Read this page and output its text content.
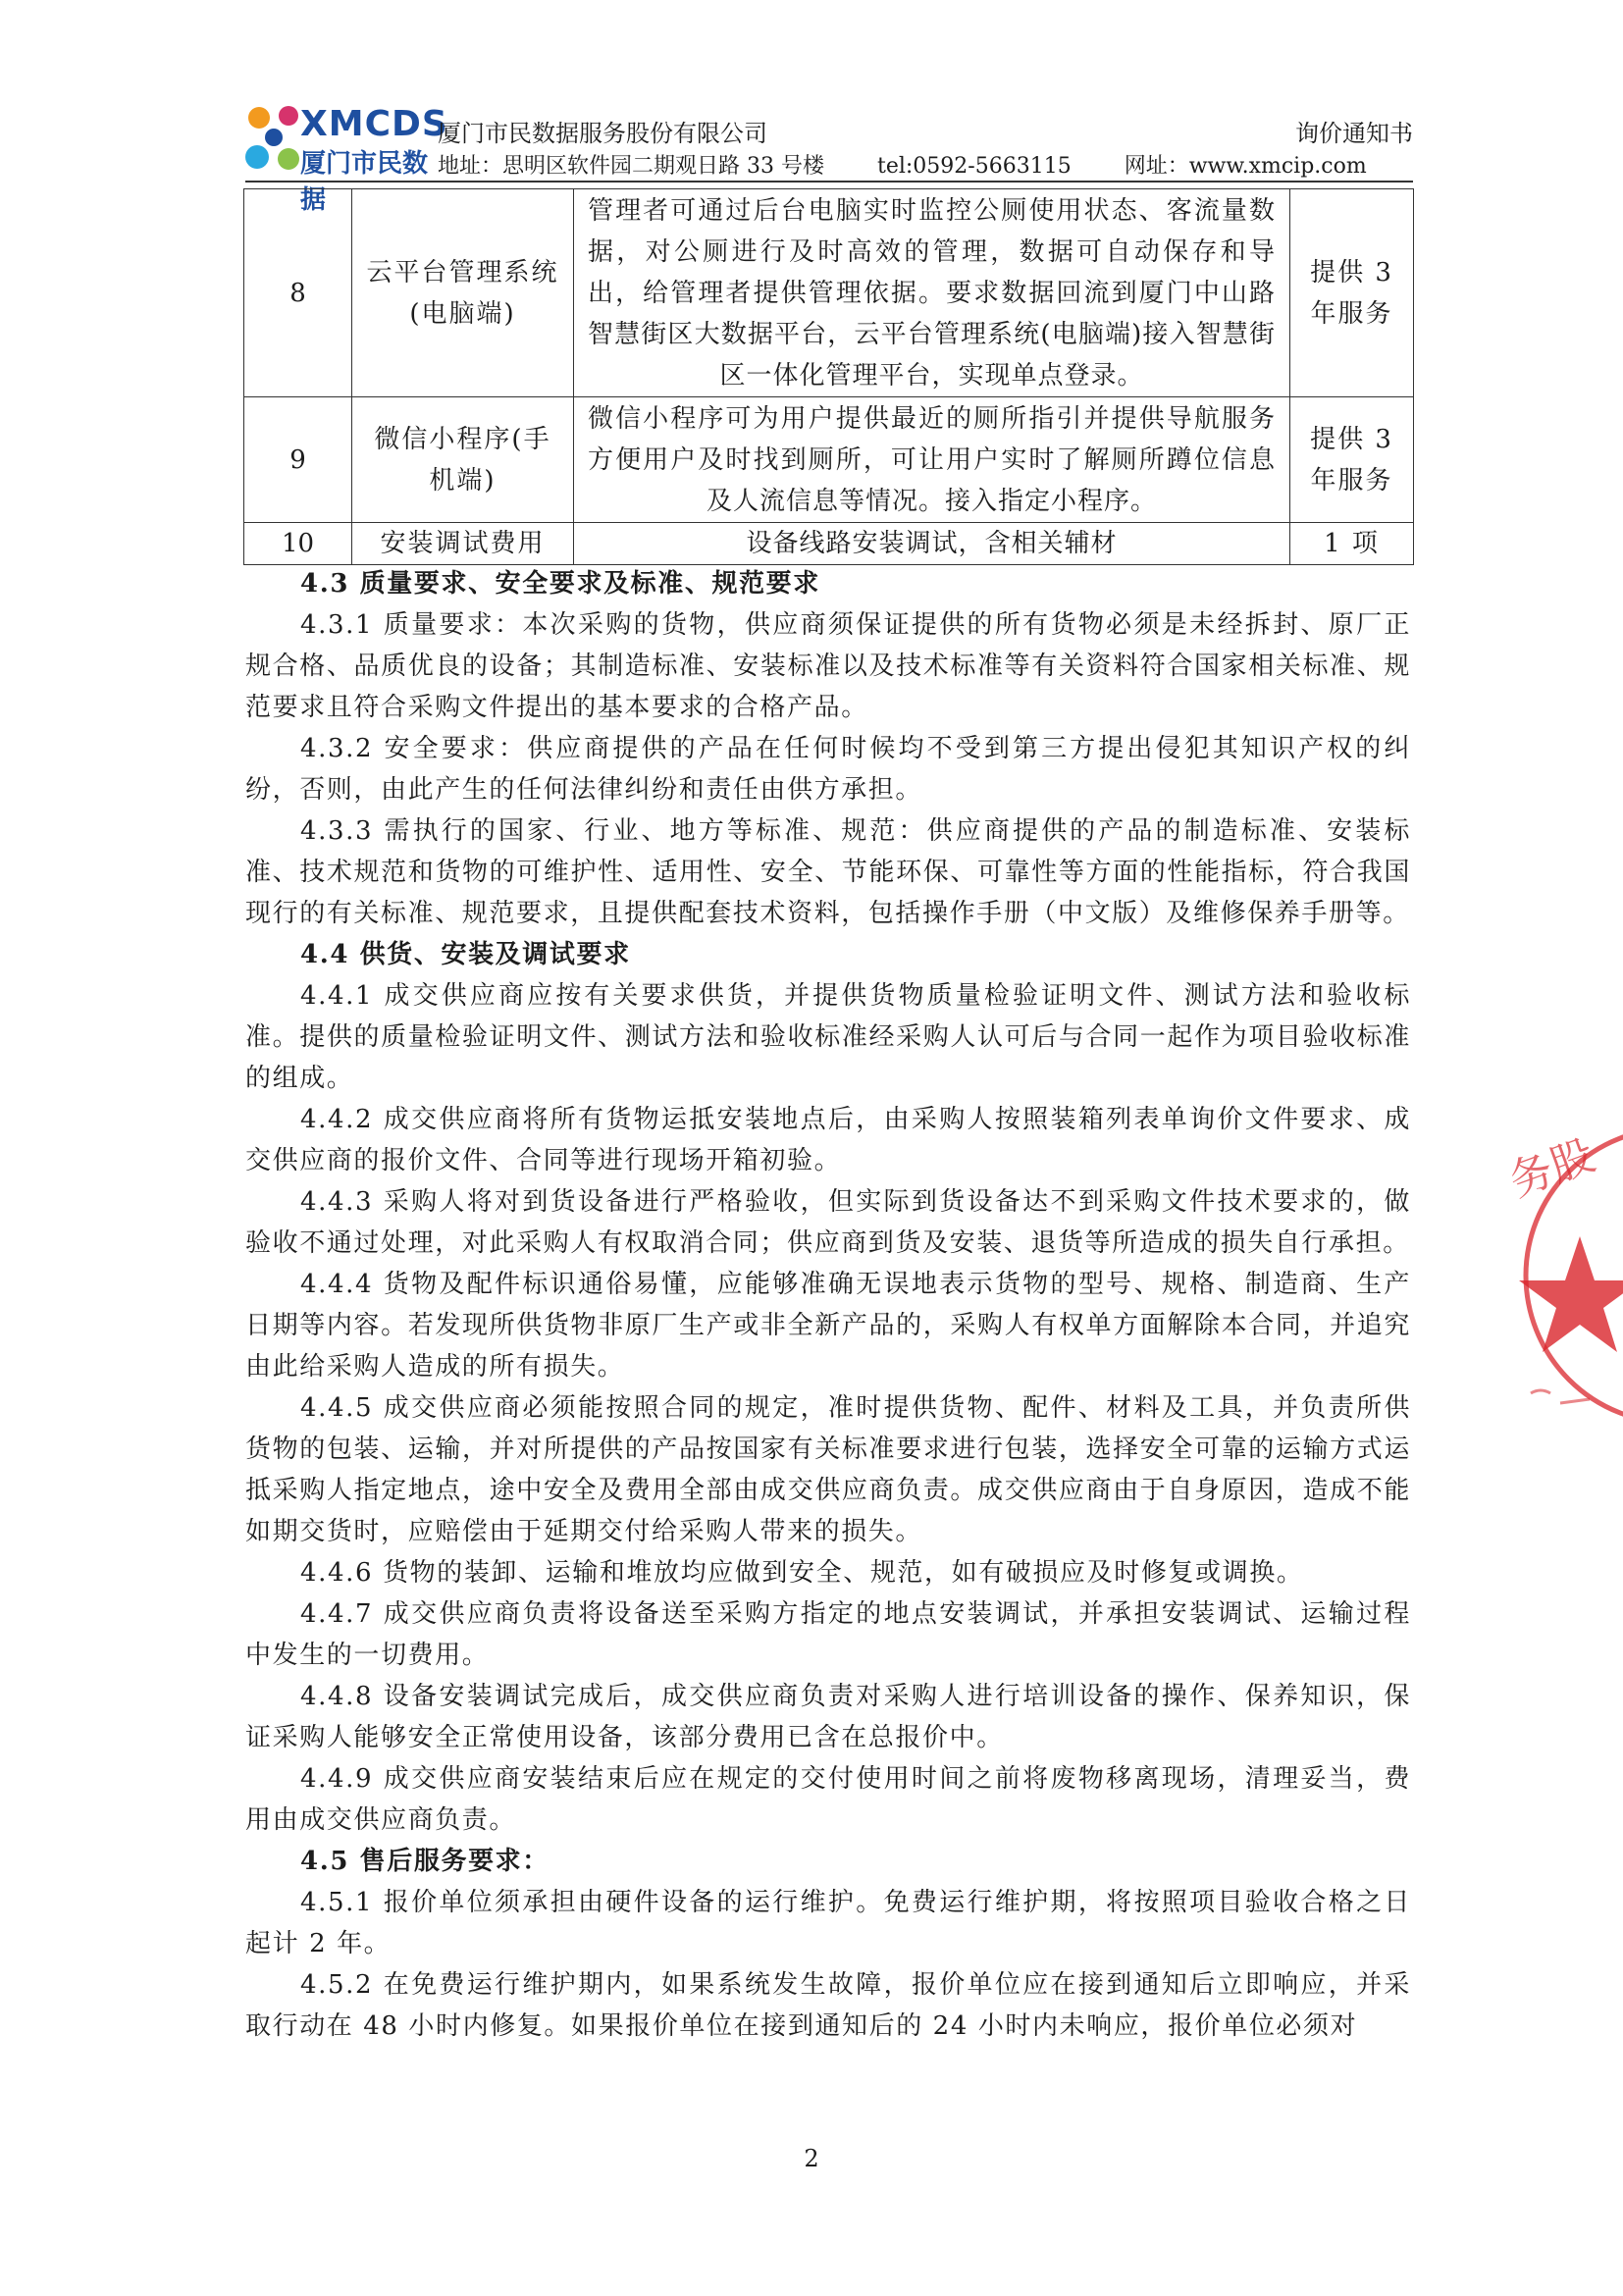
XMCDS
厦门市民数据
厦门市民数据服务股份有限公司
地址：思明区软件园二期观日路 33 号楼 tel:0592-5663115 网址：www.xmcip.com
询价通知书
8	云平台管理系统(电脑端)	管理者可通过后台电脑实时监控公厕使用状态、客流量数据，对公厕进行及时高效的管理，数据可自动保存和导出，给管理者提供管理依据。要求数据回流到厦门中山路智慧街区大数据平台，云平台管理系统(电脑端)接入智慧街区一体化管理平台，实现单点登录。	提供 3 年服务
9	微信小程序(手机端)	微信小程序可为用户提供最近的厕所指引并提供导航服务方便用户及时找到厕所，可让用户实时了解厕所蹲位信息及人流信息等情况。接入指定小程序。	提供 3 年服务
10	安装调试费用	设备线路安装调试，含相关辅材	1 项

4.3 质量要求、安全要求及标准、规范要求

4.3.1 质量要求：本次采购的货物，供应商须保证提供的所有货物必须是未经拆封、原厂正规合格、品质优良的设备；其制造标准、安装标准以及技术标准等有关资料符合国家相关标准、规范要求且符合采购文件提出的基本要求的合格产品。

4.3.2 安全要求：供应商提供的产品在任何时候均不受到第三方提出侵犯其知识产权的纠纷，否则，由此产生的任何法律纠纷和责任由供方承担。

4.3.3 需执行的国家、行业、地方等标准、规范：供应商提供的产品的制造标准、安装标准、技术规范和货物的可维护性、适用性、安全、节能环保、可靠性等方面的性能指标，符合我国现行的有关标准、规范要求，且提供配套技术资料，包括操作手册（中文版）及维修保养手册等。

4.4 供货、安装及调试要求

4.4.1 成交供应商应按有关要求供货，并提供货物质量检验证明文件、测试方法和验收标准。提供的质量检验证明文件、测试方法和验收标准经采购人认可后与合同一起作为项目验收标准的组成。

4.4.2 成交供应商将所有货物运抵安装地点后，由采购人按照装箱列表单询价文件要求、成交供应商的报价文件、合同等进行现场开箱初验。

4.4.3 采购人将对到货设备进行严格验收，但实际到货设备达不到采购文件技术要求的，做验收不通过处理，对此采购人有权取消合同；供应商到货及安装、退货等所造成的损失自行承担。

4.4.4 货物及配件标识通俗易懂，应能够准确无误地表示货物的型号、规格、制造商、生产日期等内容。若发现所供货物非原厂生产或非全新产品的，采购人有权单方面解除本合同，并追究由此给采购人造成的所有损失。

4.4.5 成交供应商必须能按照合同的规定，准时提供货物、配件、材料及工具，并负责所供货物的包装、运输，并对所提供的产品按国家有关标准要求进行包装，选择安全可靠的运输方式运抵采购人指定地点，途中安全及费用全部由成交供应商负责。成交供应商由于自身原因，造成不能如期交货时，应赔偿由于延期交付给采购人带来的损失。

4.4.6 货物的装卸、运输和堆放均应做到安全、规范，如有破损应及时修复或调换。

4.4.7 成交供应商负责将设备送至采购方指定的地点安装调试，并承担安装调试、运输过程中发生的一切费用。

4.4.8 设备安装调试完成后，成交供应商负责对采购人进行培训设备的操作、保养知识，保证采购人能够安全正常使用设备，该部分费用已含在总报价中。

4.4.9 成交供应商安装结束后应在规定的交付使用时间之前将废物移离现场，清理妥当，费用由成交供应商负责。

4.5 售后服务要求：

4.5.1 报价单位须承担由硬件设备的运行维护。免费运行维护期，将按照项目验收合格之日起计 2 年。

4.5.2 在免费运行维护期内，如果系统发生故障，报价单位应在接到通知后立即响应，并采取行动在 48 小时内修复。如果报价单位在接到通知后的 24 小时内未响应，报价单位必须对

2
务股
